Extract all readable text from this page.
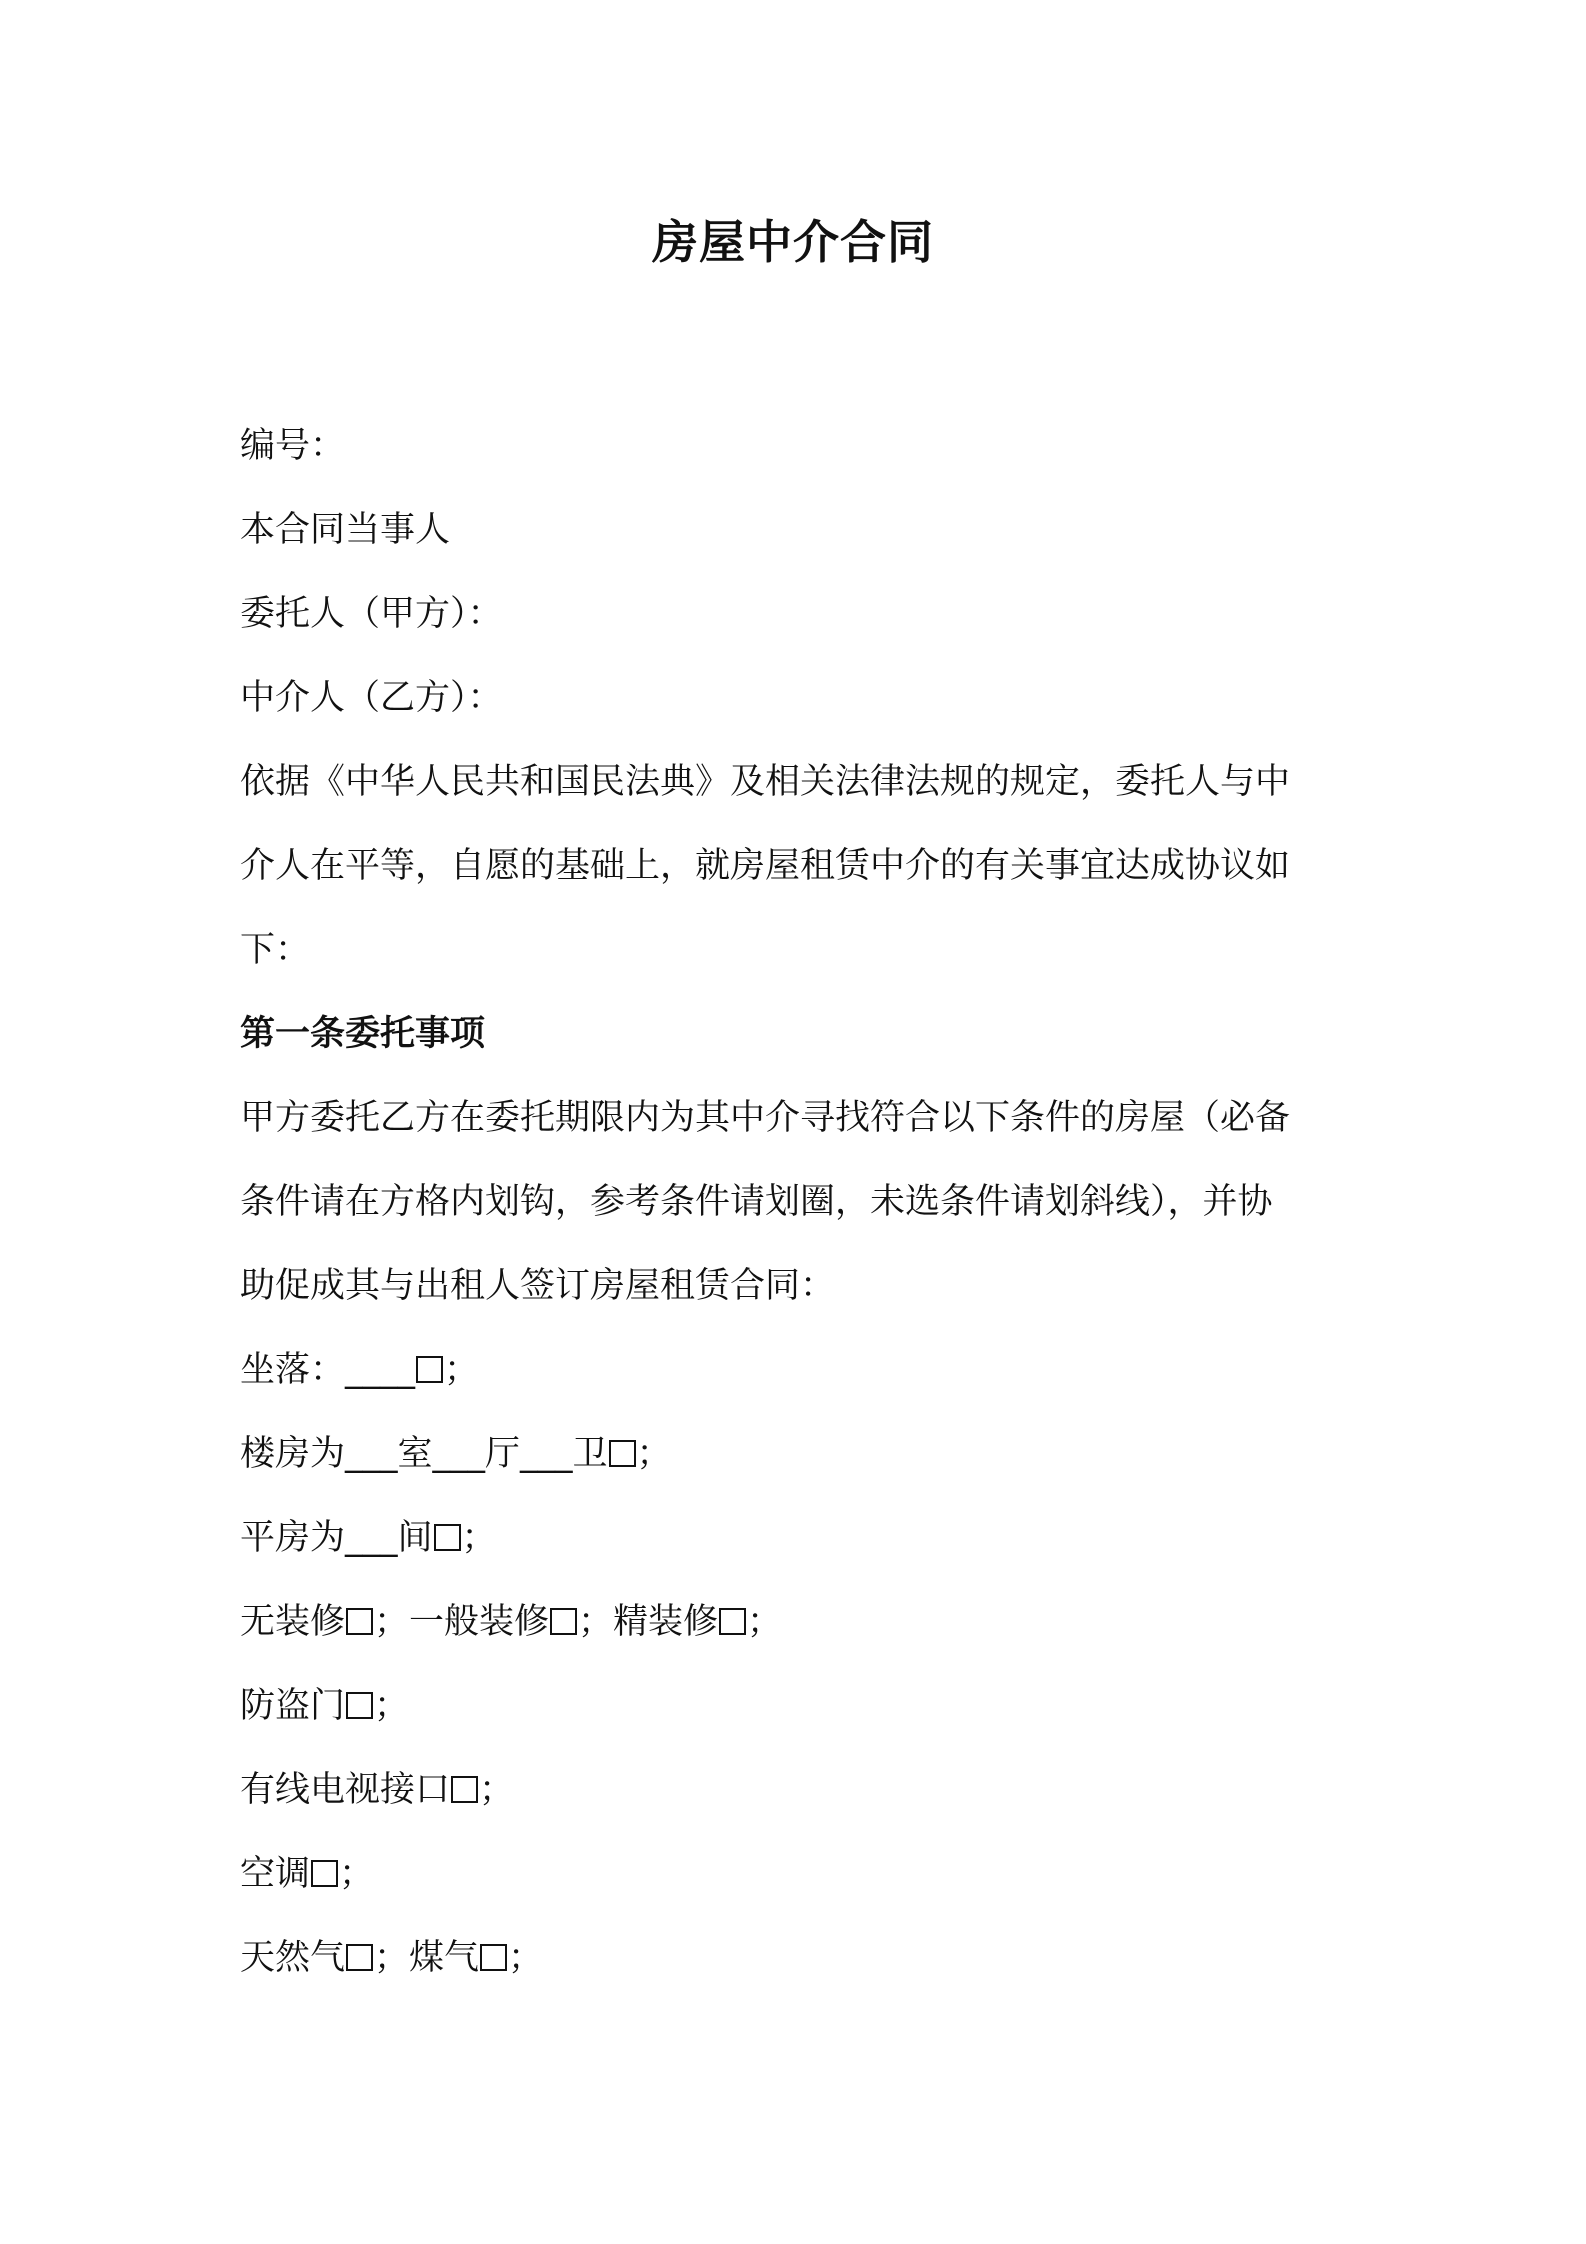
房屋中介合同
编号：
本合同当事人
委托人（甲方）：
中介人（乙方）：
依据《中华人民共和国民法典》及相关法律法规的规定，委托人与中
介人在平等，自愿的基础上，就房屋租赁中介的有关事宜达成协议如
下：
第一条委托事项
甲方委托乙方在委托期限内为其中介寻找符合以下条件的房屋（必备
条件请在方格内划钩，参考条件请划圈，未选条件请划斜线），并协
助促成其与出租人签订房屋租赁合同：
坐落：____ ；
楼房为___室___厅___卫 ；
平房为___间 ；
无装修 ；一般装修 ；精装修 ；
防盗门 ；
有线电视接口 ；
空调 ；
天然气 ；煤气 ；
